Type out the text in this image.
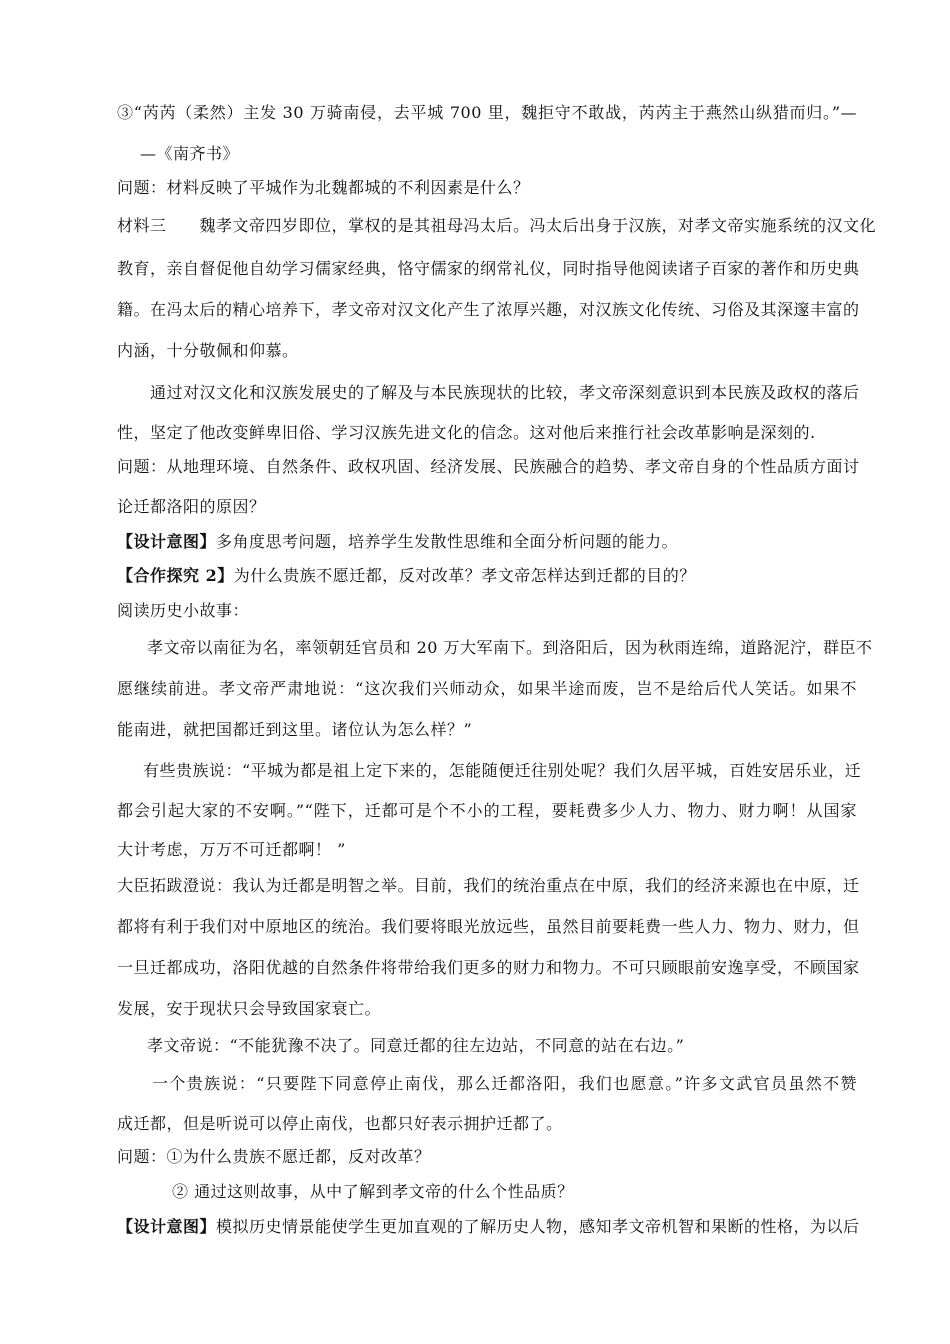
③“芮芮（柔然）主发 30 万骑南侵，去平城 700 里，魏拒守不敢战，芮芮主于燕然山纵猎而归。”—
—《南齐书》
问题：材料反映了平城作为北魏都城的不利因素是什么？
材料三　　魏孝文帝四岁即位，掌权的是其祖母冯太后。冯太后出身于汉族，对孝文帝实施系统的汉文化
教育，亲自督促他自幼学习儒家经典，恪守儒家的纲常礼仪，同时指导他阅读诸子百家的著作和历史典
籍。在冯太后的精心培养下，孝文帝对汉文化产生了浓厚兴趣，对汉族文化传统、习俗及其深邃丰富的
内涵，十分敬佩和仰慕。
通过对汉文化和汉族发展史的了解及与本民族现状的比较，孝文帝深刻意识到本民族及政权的落后
性，坚定了他改变鲜卑旧俗、学习汉族先进文化的信念。这对他后来推行社会改革影响是深刻的.
问题：从地理环境、自然条件、政权巩固、经济发展、民族融合的趋势、孝文帝自身的个性品质方面讨
论迁都洛阳的原因？
【设计意图】多角度思考问题，培养学生发散性思维和全面分析问题的能力。
【合作探究 2】为什么贵族不愿迁都，反对改革？孝文帝怎样达到迁都的目的？
阅读历史小故事：
孝文帝以南征为名，率领朝廷官员和 20 万大军南下。到洛阳后，因为秋雨连绵，道路泥泞，群臣不
愿继续前进。孝文帝严肃地说：“这次我们兴师动众，如果半途而废，岂不是给后代人笑话。如果不
能南进，就把国都迁到这里。诸位认为怎么样？”
有些贵族说：“平城为都是祖上定下来的，怎能随便迁往别处呢？我们久居平城，百姓安居乐业，迁
都会引起大家的不安啊。”“陛下，迁都可是个不小的工程，要耗费多少人力、物力、财力啊！从国家
大计考虑，万万不可迁都啊！ ”
大臣拓跋澄说：我认为迁都是明智之举。目前，我们的统治重点在中原，我们的经济来源也在中原，迁
都将有利于我们对中原地区的统治。我们要将眼光放远些，虽然目前要耗费一些人力、物力、财力，但
一旦迁都成功，洛阳优越的自然条件将带给我们更多的财力和物力。不可只顾眼前安逸享受，不顾国家
发展，安于现状只会导致国家衰亡。
孝文帝说：“不能犹豫不决了。同意迁都的往左边站，不同意的站在右边。”
一个贵族说：“只要陛下同意停止南伐，那么迁都洛阳，我们也愿意。”许多文武官员虽然不赞
成迁都，但是听说可以停止南伐，也都只好表示拥护迁都了。
问题：①为什么贵族不愿迁都，反对改革？
② 通过这则故事，从中了解到孝文帝的什么个性品质？
【设计意图】模拟历史情景能使学生更加直观的了解历史人物，感知孝文帝机智和果断的性格，为以后
